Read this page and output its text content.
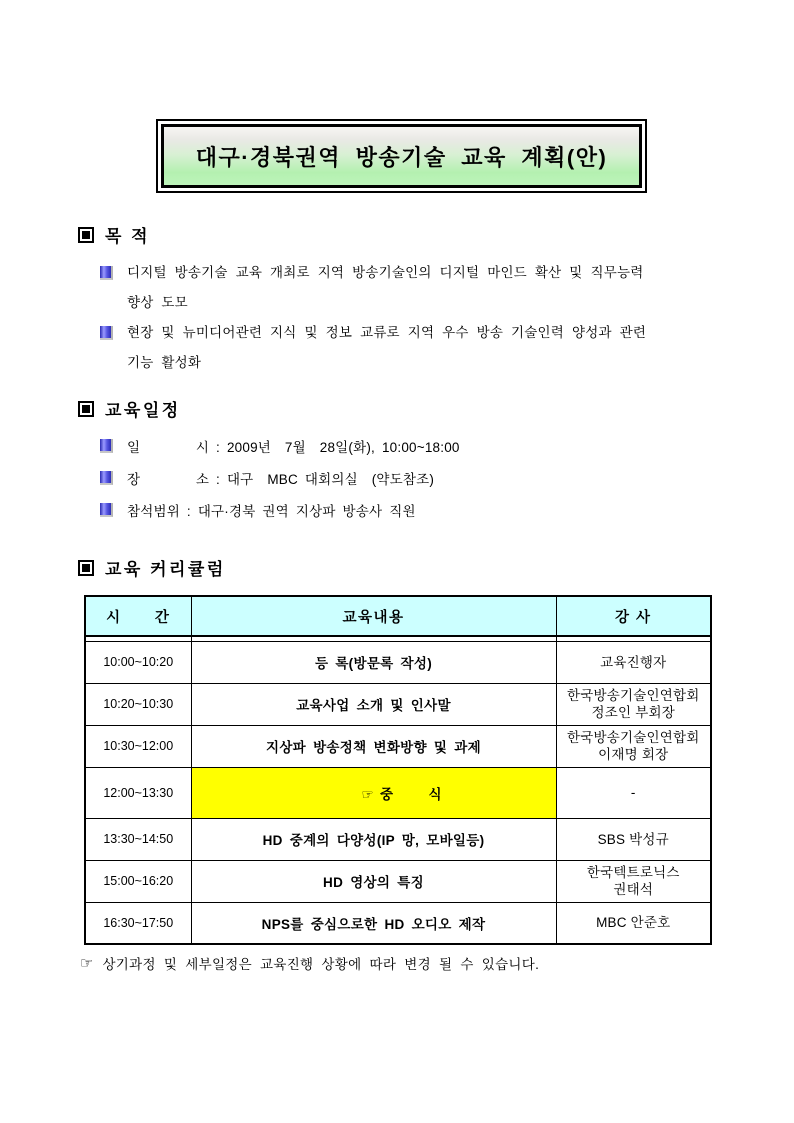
대구·경북권역 방송기술 교육 계획(안)
목 적
디지털 방송기술 교육 개최로 지역 방송기술인의 디지털 마인드 확산 및 직무능력
향상 도모
현장 및 뉴미디어관련 지식 및 정보 교류로 지역 우수 방송 기술인력 양성과 관련
기능 활성화
교육일정
일        시 : 2009년  7월  28일(화), 10:00~18:00
장        소 : 대구  MBC 대회의실  (약도참조)
참석범위 : 대구·경북 권역 지상파 방송사 직원
교육 커리큘럼
시      간	교육내용	강 사

10:00~10:20	등 록(방문록 작성)	교육진행자

10:20~10:30	교육사업 소개 및 인사말	한국방송기술인연합회
정조인 부회장

10:30~12:00	지상파 방송정책 변화방향 및 과제	한국방송기술인연합회
이재명 회장

12:00~13:30	☞ 중     식	-

13:30~14:50	HD 중계의 다양성(IP 망, 모바일등)	SBS 박성규

15:00~16:20	HD 영상의 특징	한국텍트로닉스
권태석

16:30~17:50	NPS를 중심으로한 HD 오디오 제작	MBC 안준호
☞ 상기과정 및 세부일정은 교육진행 상황에 따라 변경 될 수 있습니다.
